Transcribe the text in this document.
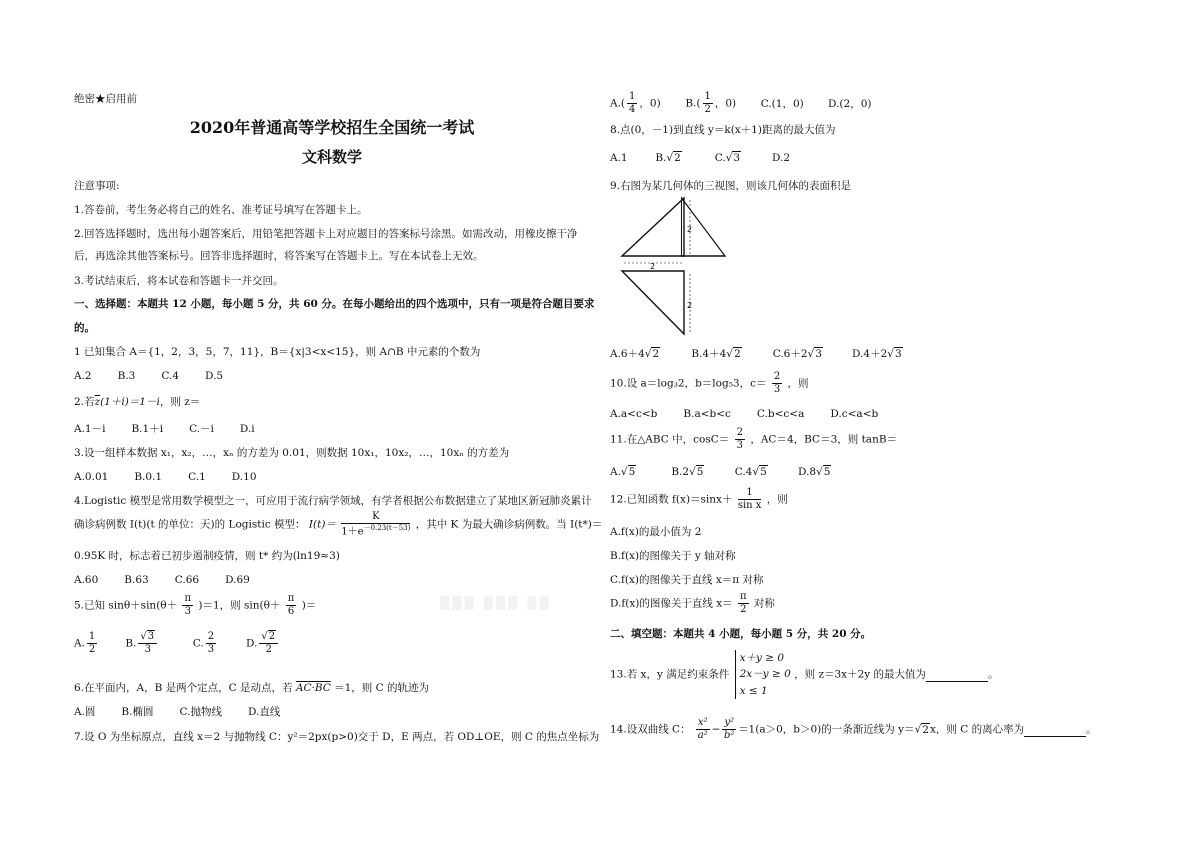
绝密★启用前
2020年普通高等学校招生全国统一考试
文科数学
注意事项:
1.答卷前，考生务必将自己的姓名、准考证号填写在答题卡上。
2.回答选择题时，选出每小题答案后，用铅笔把答题卡上对应题目的答案标号涂黑。如需改动，用橡皮擦干净
后，再选涂其他答案标号。回答非选择题时，将答案写在答题卡上。写在本试卷上无效。
3.考试结束后，将本试卷和答题卡一并交回。
一、选择题：本题共 12 小题，每小题 5 分，共 60 分。在每小题给出的四个选项中，只有一项是符合题目要求
的。
1 已知集合 A＝{1，2，3，5，7，11}，B＝{x|3<x<15}，则 A∩B 中元素的个数为
A.2 B.3 C.4 D.5
2.若$\overline{z}(1+i)=1-i$，则 z＝
A.1－i B.1＋i C.－i D.i
3.设一组样本数据 x₁，x₂，…，xₙ 的方差为 0.01，则数据 10x₁，10x₂，…，10xₙ 的方差为
A.0.01 B.0.1 C.1 D.10
4.Logistic 模型是常用数学模型之一，可应用于流行病学领域，有学者根据公布数据建立了某地区新冠肺炎累计
确诊病例数 I(t)(t 的单位：天)的 Logistic 模型： $I(t)= \frac{K}{1+e^{-0.23(t-53)}}$ ，其中 K 为最大确诊病例数。当 I(t*)＝
0.95K 时，标志着已初步遏制疫情，则 t* 约为(ln19≈3)
A.60 B.63 C.66 D.69
5.已知 $\sin\theta+\sin(\theta+ \frac{\pi}{3} )=1$，则 $\sin(\theta+ \frac{\pi}{6}$ )＝
A. $\frac{1}{2}$	B. $\frac{√3}{3}$	C. $\frac{2}{3}$	D. $\frac{√2}{2}$
6.在平面内，A，B 是两个定点，C 是动点，若 AC·BC ＝1，则 C 的轨迹为
A.圆 B.椭圆 C.抛物线 D.直线
7.设 O 为坐标原点，直线 x＝2 与抛物线 C：y²＝2px(p>0)交于 D，E 两点，若 OD⊥OE，则 C 的焦点坐标为
▓▓▓ ▓▓▓ ▓▓
$A.( \frac{1}{4}$ ，0) $B.( \frac{1}{2}$ ，0) C.(1，0) D.(2，0)
8.点(0，－1)到直线 y＝k(x＋1)距离的最大值为
A.1	B.√2	C.√3	D.2
9.右图为某几何体的三视图，则该几何体的表面积是
2
2
2
A.6＋4√2	B.4＋4√2	C.6＋2√3	D.4＋2√3
10.设 a＝log₃2，b＝log₅3，$c= \frac{2}{3}$ ，则
A.a<c<b B.a<b<c C.b<c<a D.c<a<b
11.在△ABC 中，$\cos C= \frac{2}{3}$ ，AC＝4，BC＝3，则 tanB＝
A.√5	B.2√5	C.4√5	D.8√5
12.已知函数 $f(x)=\sin x+ \frac{1}{\text{sin x}}$ ，则
A.f(x)的最小值为 2
B.f(x)的图像关于 y 轴对称
C.f(x)的图像关于直线 x＝π 对称
D.f(x)的图像关于直线 $x= \frac{\pi}{2}$ 对称
二、填空题：本题共 4 小题，每小题 5 分，共 20 分。
13.若 x，y 满足约束条件 x＋y ≥ 0
2x－y ≥ 0
x ≤ 1 ，则 z＝3x＋2y 的最大值为	。
14.设双曲线 C： $\frac{\text{x²}}{\text{a²}} - \frac{\text{y²}}{\text{b²}} =1(a>0$，b＞0)的一条渐近线为 y＝√2x，则 C 的离心率为	。
